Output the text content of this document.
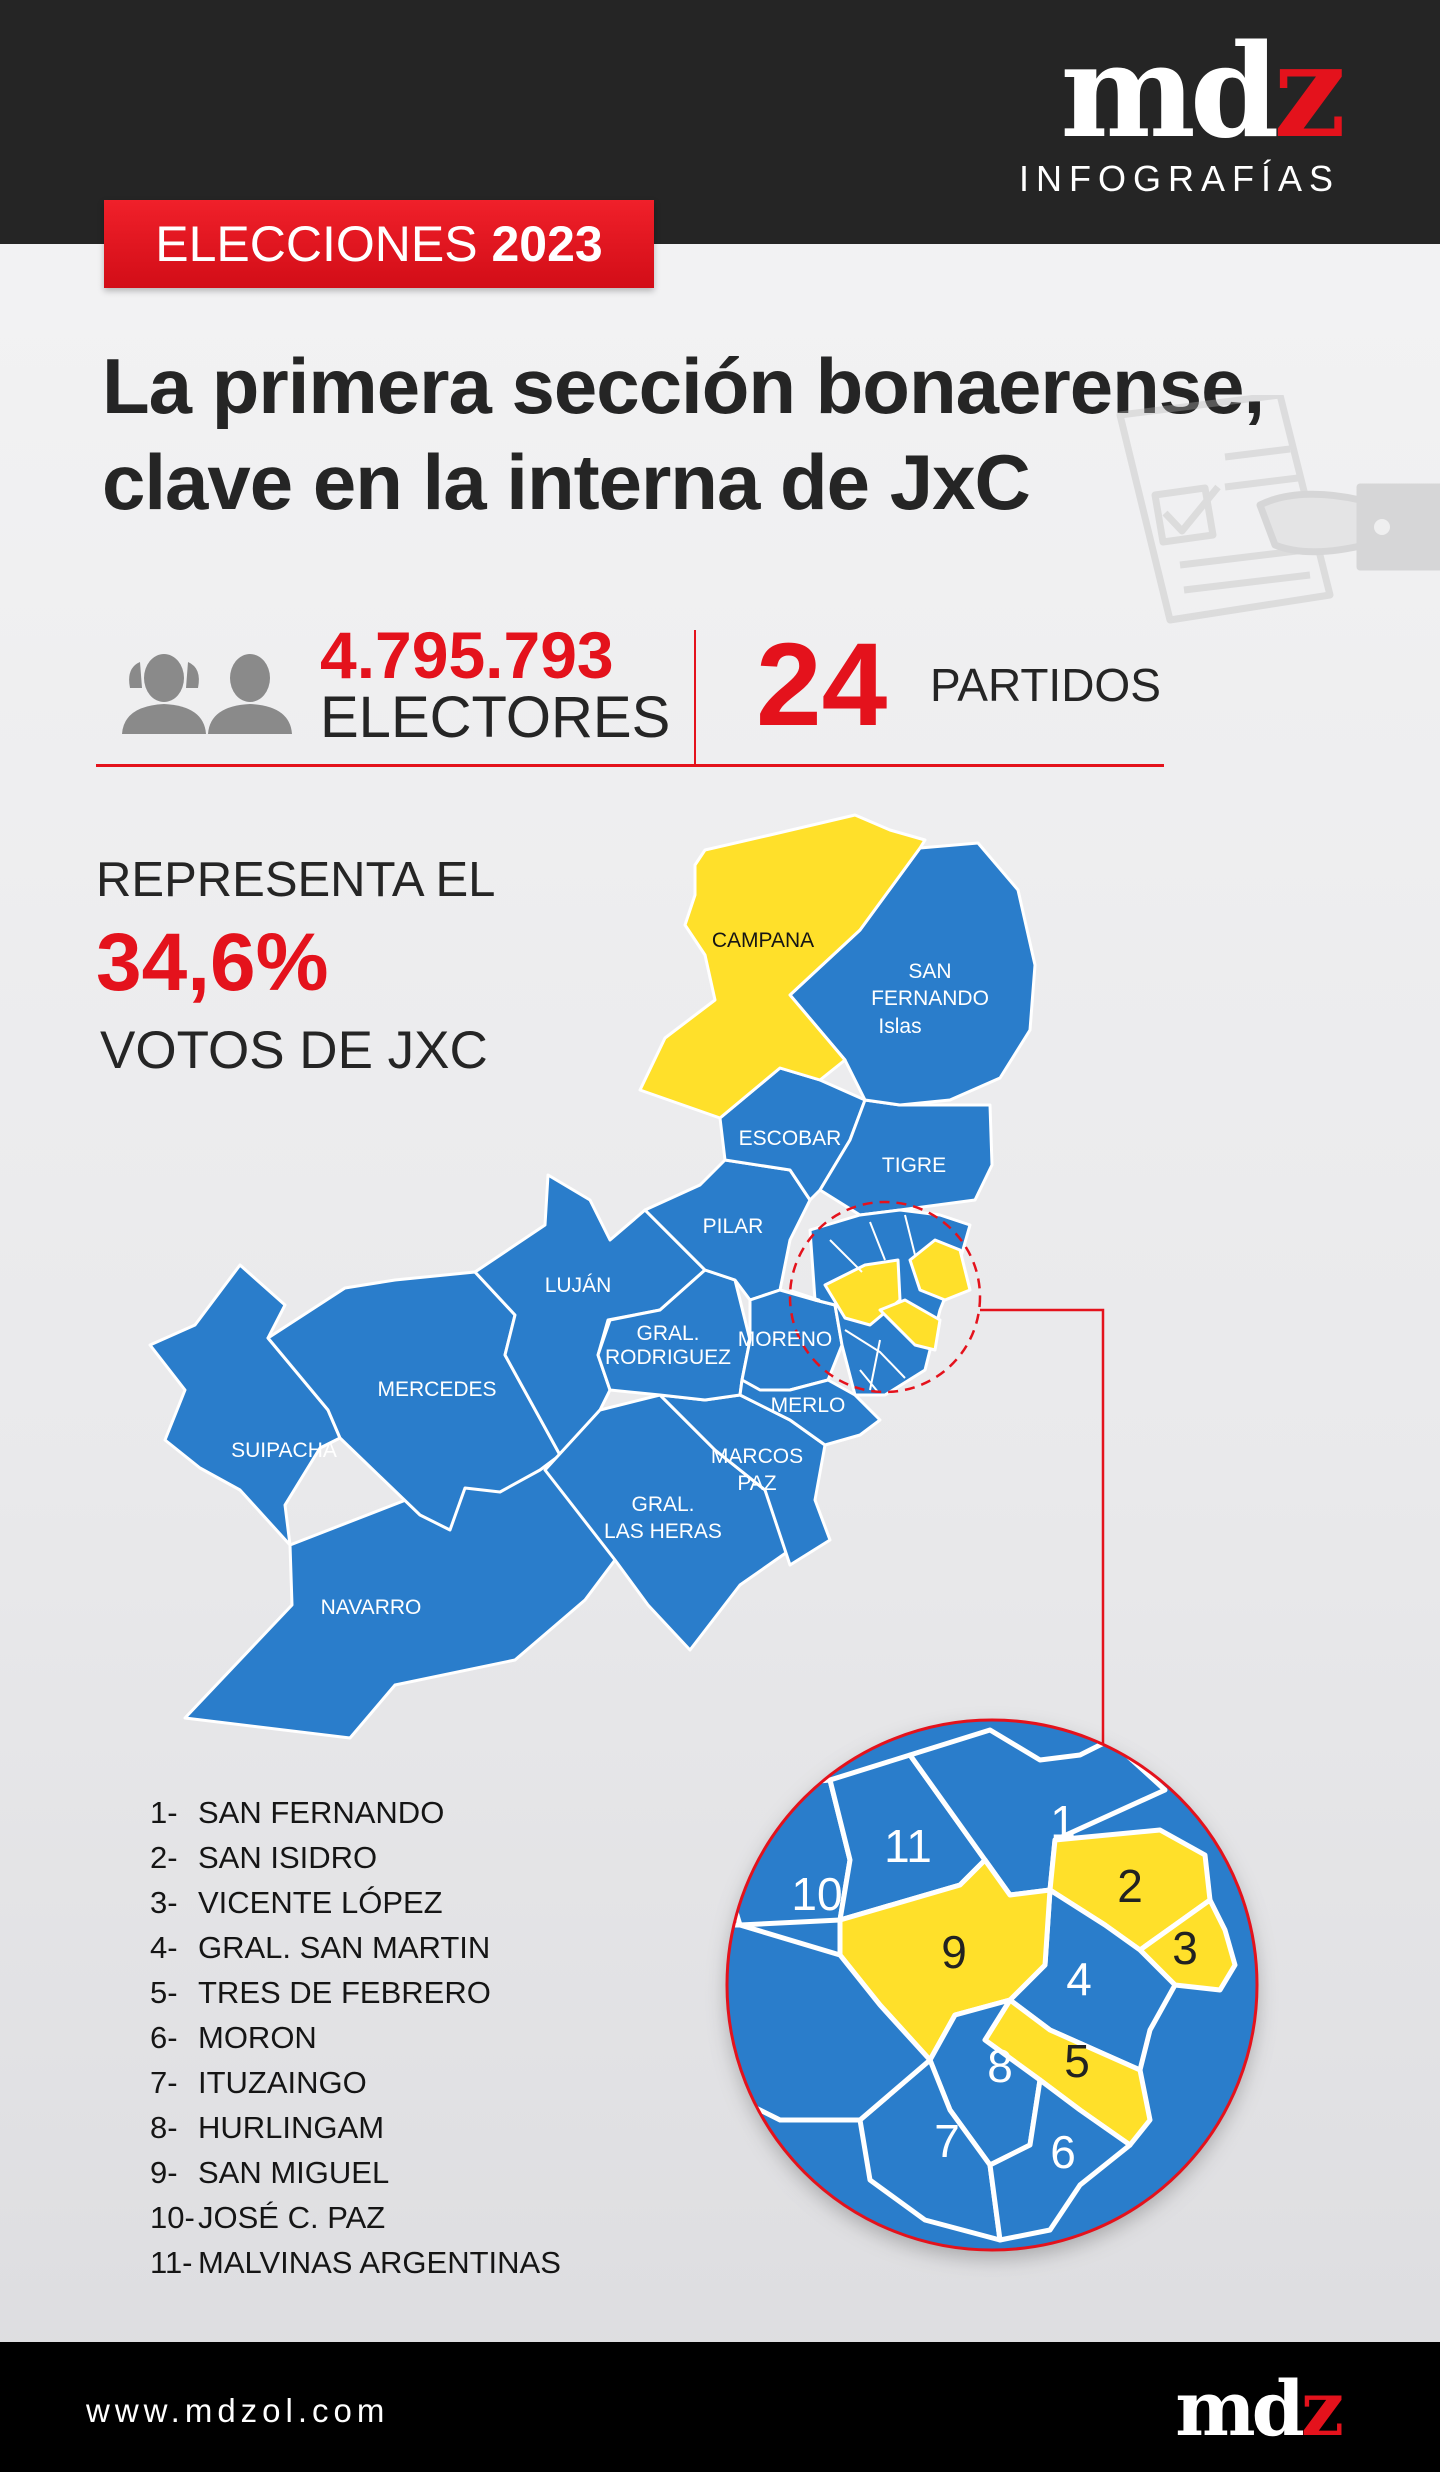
mdz
INFOGRAFÍAS
ELECCIONES 2023
La primera sección bonaerense,
clave en la interna de JxC
4.795.793
ELECTORES 24 PARTIDOS
REPRESENTA EL
34,6%
VOTOS DE JXC
CAMPANA
SAN
FERNANDO
Islas
ESCOBAR
TIGRE
PILAR
LUJÁN
GRAL.
RODRIGUEZ
MORENO
MERCEDES
MERLO
MARCOS
PAZ
SUIPACHA
GRAL.
LAS HERAS
NAVARRO
1
2
3
4
5
6
7
8
9
10
11
1- SAN FERNANDO
2- SAN ISIDRO
3- VICENTE LÓPEZ
4- GRAL. SAN MARTIN
5- TRES DE FEBRERO
6- MORON
7- ITUZAINGO
8- HURLINGAM
9- SAN MIGUEL
10- JOSÉ C. PAZ
11- MALVINAS ARGENTINAS
www.mdzol.com	mdz
